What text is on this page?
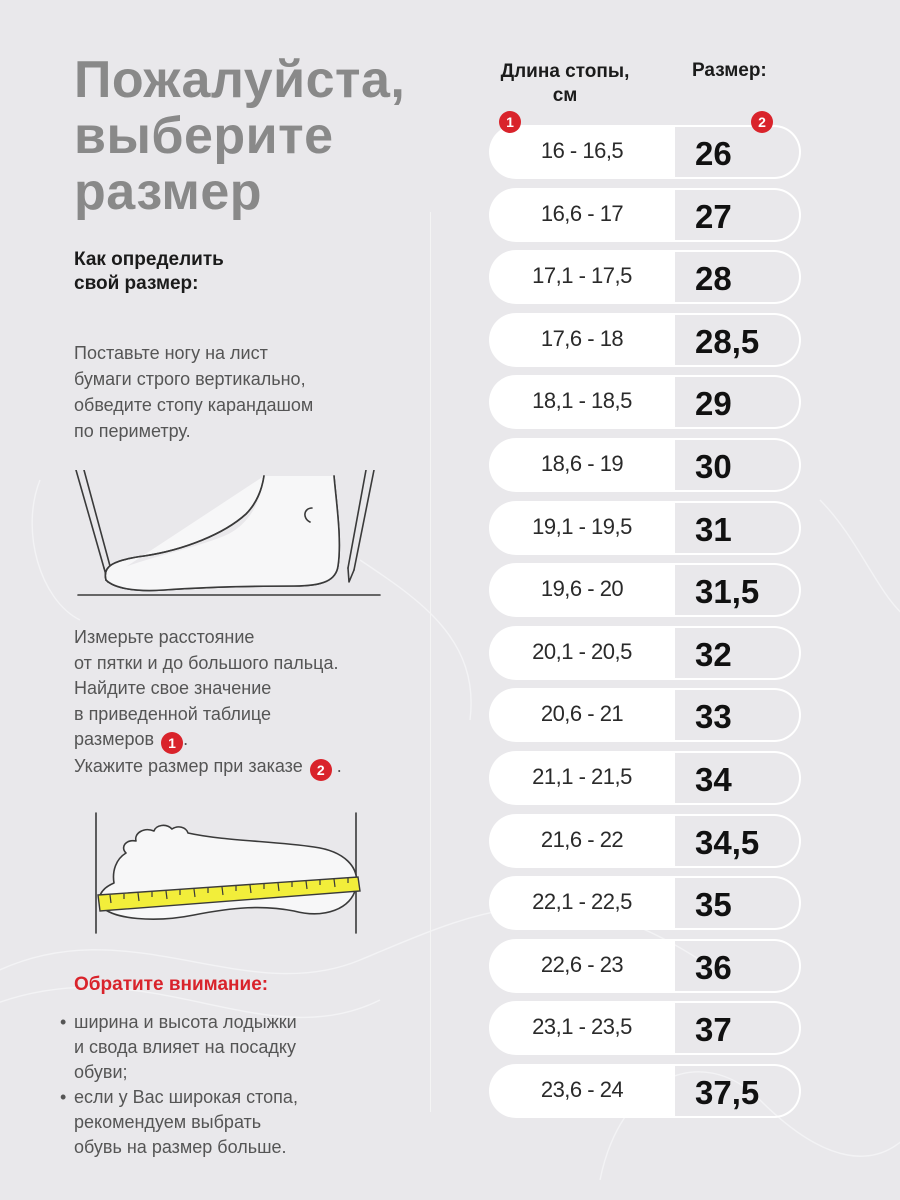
Пожалуйста,
выберите
размер
Как определить
свой размер:
Поставьте ногу на лист
бумаги строго вертикально,
обведите стопу карандашом
по периметру.
Измерьте расстояние
от пятки и до большого пальца.
Найдите свое значение
в приведенной таблице
размеров 1 .
Укажите размер при заказе 2 .
Обратите внимание:
• ширина и высота лодыжки
и свода влияет на посадку
обуви;
• если у Вас широкая стопа,
рекомендуем выбрать
обувь на размер больше.
Длина стопы,
см
Размер:
1	2
16 - 16,5	26
16,6 - 17	27
17,1 - 17,5	28
17,6 - 18	28,5
18,1 - 18,5	29
18,6 - 19	30
19,1 - 19,5	31
19,6 - 20	31,5
20,1 - 20,5	32
20,6 - 21	33
21,1 - 21,5	34
21,6 - 22	34,5
22,1 - 22,5	35
22,6 - 23	36
23,1 - 23,5	37
23,6 - 24	37,5
